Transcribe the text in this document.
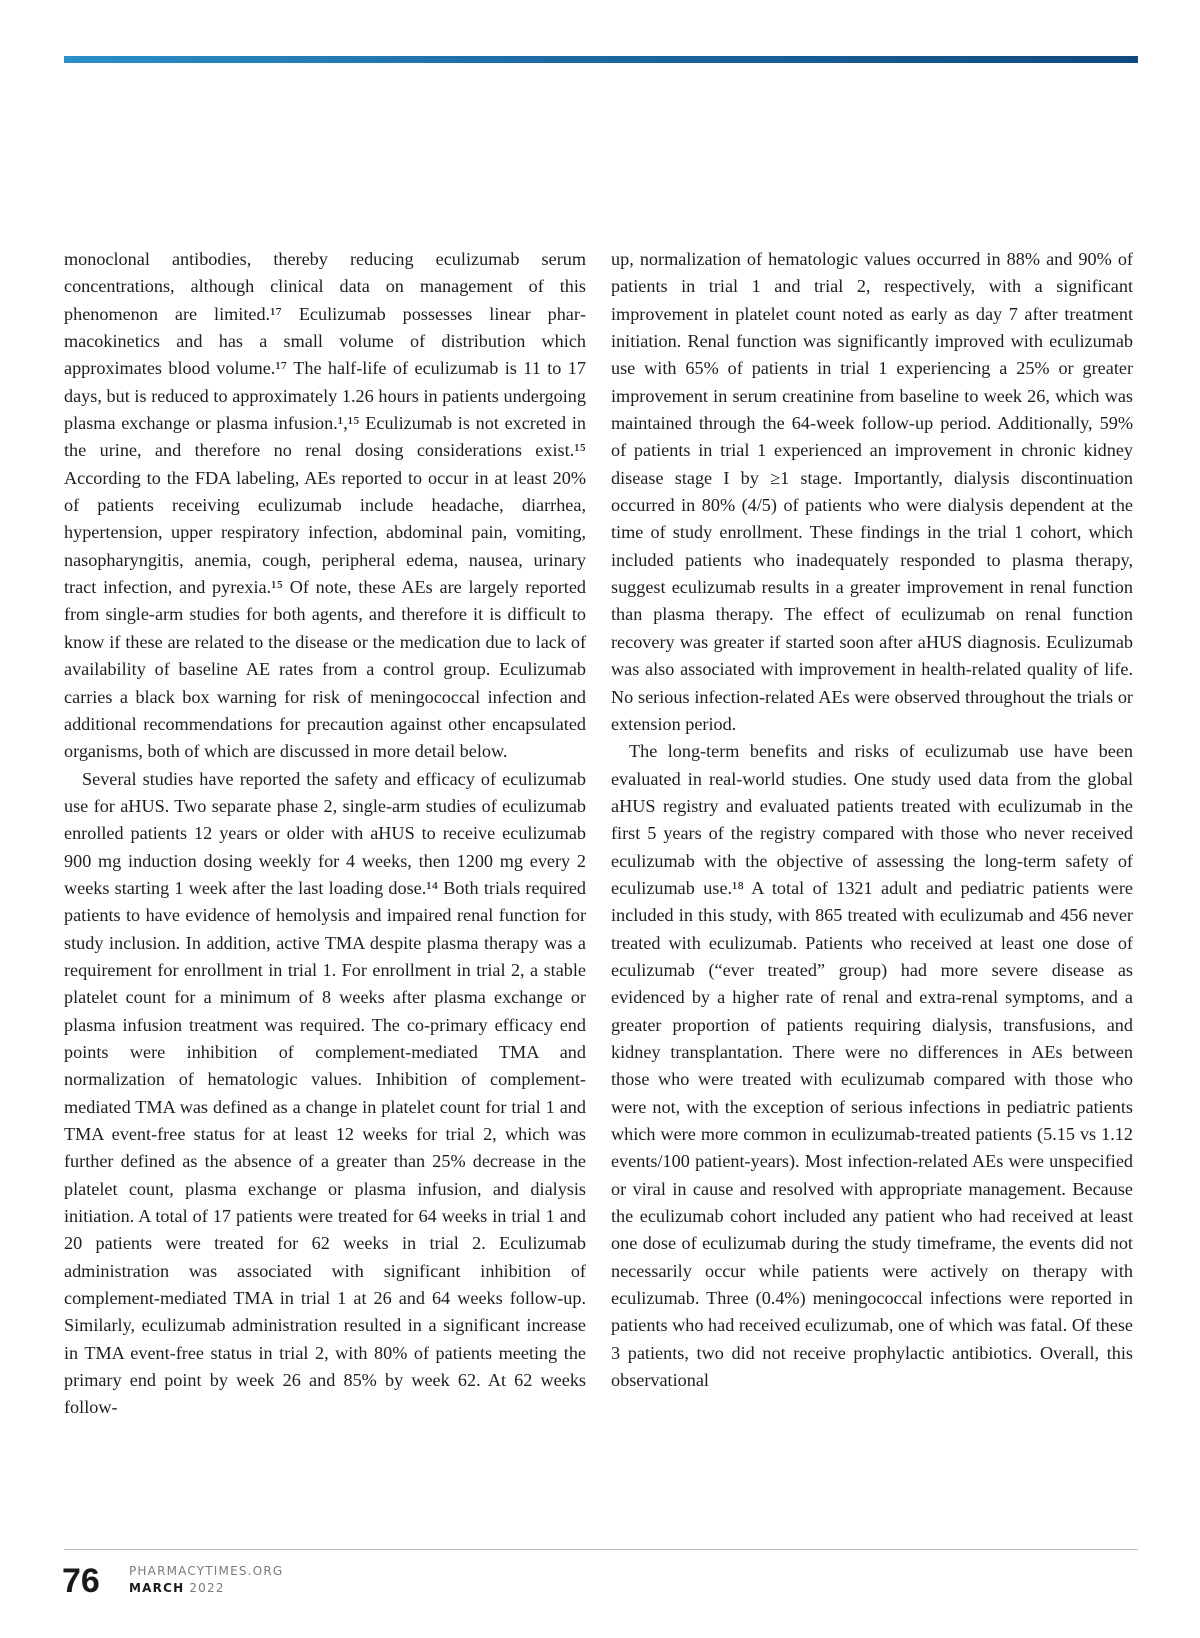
monoclonal antibodies, thereby reducing eculizumab serum concentrations, although clinical data on management of this phenomenon are limited.¹⁷ Eculizumab possesses linear pharmacokinetics and has a small volume of distribution which approximates blood volume.¹⁷ The half-life of eculizumab is 11 to 17 days, but is reduced to approximately 1.26 hours in patients undergoing plasma exchange or plasma infusion.¹,¹⁵ Eculizumab is not excreted in the urine, and therefore no renal dosing considerations exist.¹⁵ According to the FDA labeling, AEs reported to occur in at least 20% of patients receiving eculizumab include headache, diarrhea, hypertension, upper respiratory infection, abdominal pain, vomiting, nasopharyngitis, anemia, cough, peripheral edema, nausea, urinary tract infection, and pyrexia.¹⁵ Of note, these AEs are largely reported from single-arm studies for both agents, and therefore it is difficult to know if these are related to the disease or the medication due to lack of availability of baseline AE rates from a control group. Eculizumab carries a black box warning for risk of meningococcal infection and additional recommendations for precaution against other encapsulated organisms, both of which are discussed in more detail below.

Several studies have reported the safety and efficacy of eculizumab use for aHUS. Two separate phase 2, single-arm studies of eculizumab enrolled patients 12 years or older with aHUS to receive eculizumab 900 mg induction dosing weekly for 4 weeks, then 1200 mg every 2 weeks starting 1 week after the last loading dose.¹⁴ Both trials required patients to have evidence of hemolysis and impaired renal function for study inclusion. In addition, active TMA despite plasma therapy was a requirement for enrollment in trial 1. For enrollment in trial 2, a stable platelet count for a minimum of 8 weeks after plasma exchange or plasma infusion treatment was required. The co-primary efficacy end points were inhibition of complement-mediated TMA and normalization of hematologic values. Inhibition of complement-mediated TMA was defined as a change in platelet count for trial 1 and TMA event-free status for at least 12 weeks for trial 2, which was further defined as the absence of a greater than 25% decrease in the platelet count, plasma exchange or plasma infusion, and dialysis initiation. A total of 17 patients were treated for 64 weeks in trial 1 and 20 patients were treated for 62 weeks in trial 2. Eculizumab administration was associated with significant inhibition of complement-mediated TMA in trial 1 at 26 and 64 weeks follow-up. Similarly, eculizumab administration resulted in a significant increase in TMA event-free status in trial 2, with 80% of patients meeting the primary end point by week 26 and 85% by week 62. At 62 weeks follow-

up, normalization of hematologic values occurred in 88% and 90% of patients in trial 1 and trial 2, respectively, with a significant improvement in platelet count noted as early as day 7 after treatment initiation. Renal function was significantly improved with eculizumab use with 65% of patients in trial 1 experiencing a 25% or greater improvement in serum creatinine from baseline to week 26, which was maintained through the 64-week follow-up period. Additionally, 59% of patients in trial 1 experienced an improvement in chronic kidney disease stage I by ≥1 stage. Importantly, dialysis discontinuation occurred in 80% (4/5) of patients who were dialysis dependent at the time of study enrollment. These findings in the trial 1 cohort, which included patients who inadequately responded to plasma therapy, suggest eculizumab results in a greater improvement in renal function than plasma therapy. The effect of eculizumab on renal function recovery was greater if started soon after aHUS diagnosis. Eculizumab was also associated with improvement in health-related quality of life. No serious infection-related AEs were observed throughout the trials or extension period.

The long-term benefits and risks of eculizumab use have been evaluated in real-world studies. One study used data from the global aHUS registry and evaluated patients treated with eculizumab in the first 5 years of the registry compared with those who never received eculizumab with the objective of assessing the long-term safety of eculizumab use.¹⁸ A total of 1321 adult and pediatric patients were included in this study, with 865 treated with eculizumab and 456 never treated with eculizumab. Patients who received at least one dose of eculizumab (“ever treated” group) had more severe disease as evidenced by a higher rate of renal and extra-renal symptoms, and a greater proportion of patients requiring dialysis, transfusions, and kidney transplantation. There were no differences in AEs between those who were treated with eculizumab compared with those who were not, with the exception of serious infections in pediatric patients which were more common in eculizumab-treated patients (5.15 vs 1.12 events/100 patient-years). Most infection-related AEs were unspecified or viral in cause and resolved with appropriate management. Because the eculizumab cohort included any patient who had received at least one dose of eculizumab during the study timeframe, the events did not necessarily occur while patients were actively on therapy with eculizumab. Three (0.4%) meningococcal infections were reported in patients who had received eculizumab, one of which was fatal. Of these 3 patients, two did not receive prophylactic antibiotics. Overall, this observational

76 PHARMACYTIMES.ORG
MARCH 2022
